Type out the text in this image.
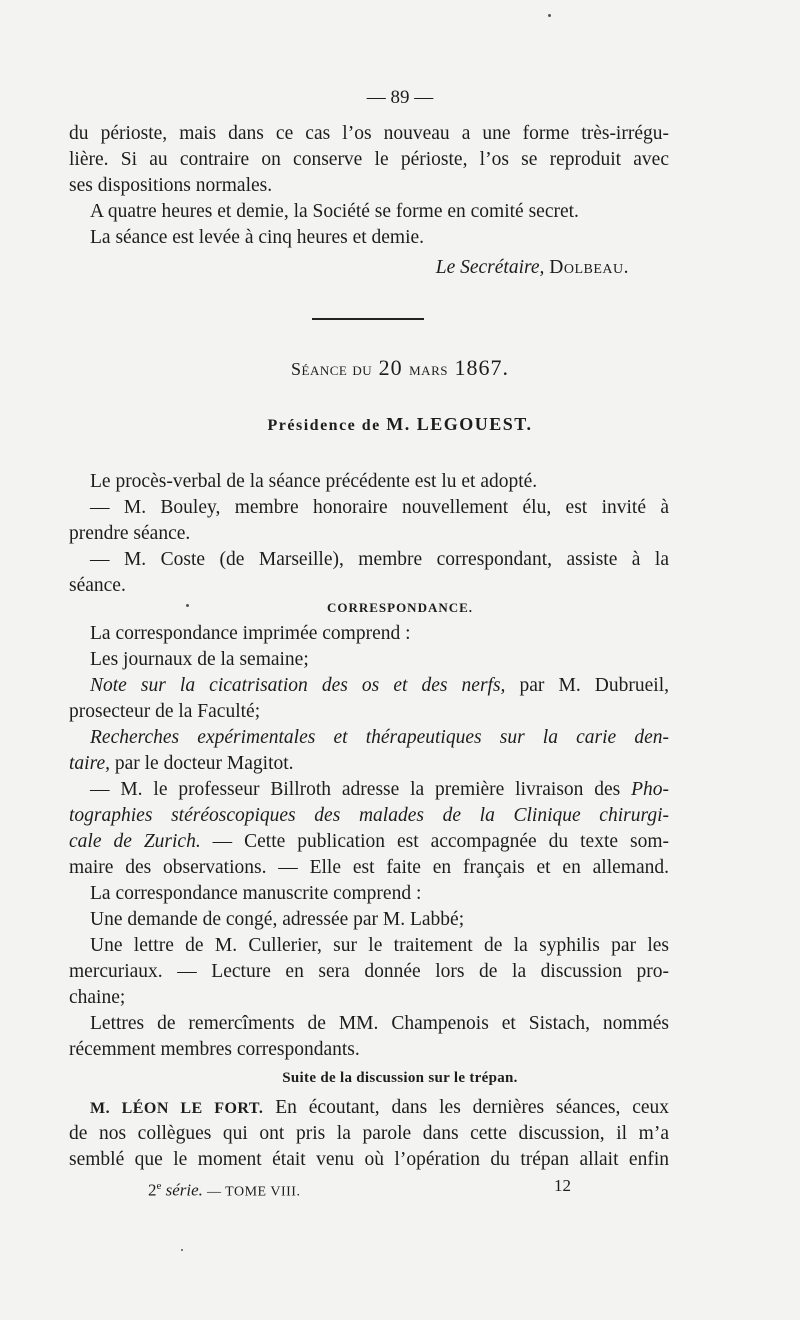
— 89 —
du périoste, mais dans ce cas l’os nouveau a une forme très-irrégu-
lière. Si au contraire on conserve le périoste, l’os se reproduit avec
ses dispositions normales.
A quatre heures et demie, la Société se forme en comité secret.
La séance est levée à cinq heures et demie.
Le Secrétaire, Dolbeau.
Séance du 20 mars 1867.
Présidence de M. LEGOUEST.
Le procès-verbal de la séance précédente est lu et adopté.
— M. Bouley, membre honoraire nouvellement élu, est invité à
prendre séance.
— M. Coste (de Marseille), membre correspondant, assiste à la
séance.
CORRESPONDANCE.
La correspondance imprimée comprend :
Les journaux de la semaine;
Note sur la cicatrisation des os et des nerfs, par M. Dubrueil,
prosecteur de la Faculté;
Recherches expérimentales et thérapeutiques sur la carie den-
taire, par le docteur Magitot.
— M. le professeur Billroth adresse la première livraison des Pho-
tographies stéréoscopiques des malades de la Clinique chirurgi-
cale de Zurich. — Cette publication est accompagnée du texte som-
maire des observations. — Elle est faite en français et en allemand.
La correspondance manuscrite comprend :
Une demande de congé, adressée par M. Labbé;
Une lettre de M. Cullerier, sur le traitement de la syphilis par les
mercuriaux. — Lecture en sera donnée lors de la discussion pro-
chaine;
Lettres de remercîments de MM. Champenois et Sistach, nommés
récemment membres correspondants.
Suite de la discussion sur le trépan.
M. LÉON LE FORT. En écoutant, dans les dernières séances, ceux
de nos collègues qui ont pris la parole dans cette discussion, il m’a
semblé que le moment était venu où l’opération du trépan allait enfin
2e série. — TOME VIII.	12
